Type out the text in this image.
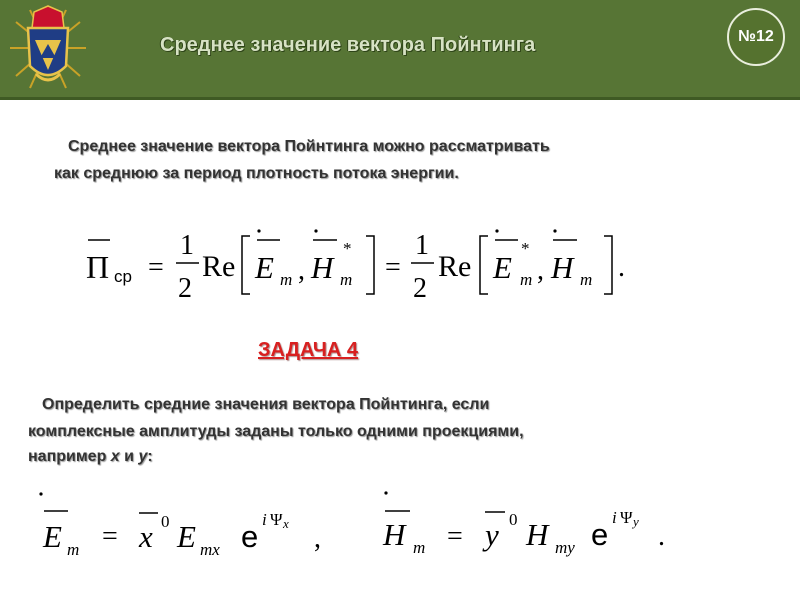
Среднее значение вектора Пойнтинга	№12
Среднее значение вектора Пойнтинга можно рассматривать
как среднюю за период плотность потока энергии.
Π ср =
1
2
Re E m , H
*
m =
1
2
Re E
*
m , H m .
ЗАДАЧА 4
Определить средние значения вектора Пойнтинга, если
комплексные амплитуды заданы только одними проекциями,
например x и y:
E m = x 0 E mx e i Ψ x , H m = y 0 H my e i Ψ y .
